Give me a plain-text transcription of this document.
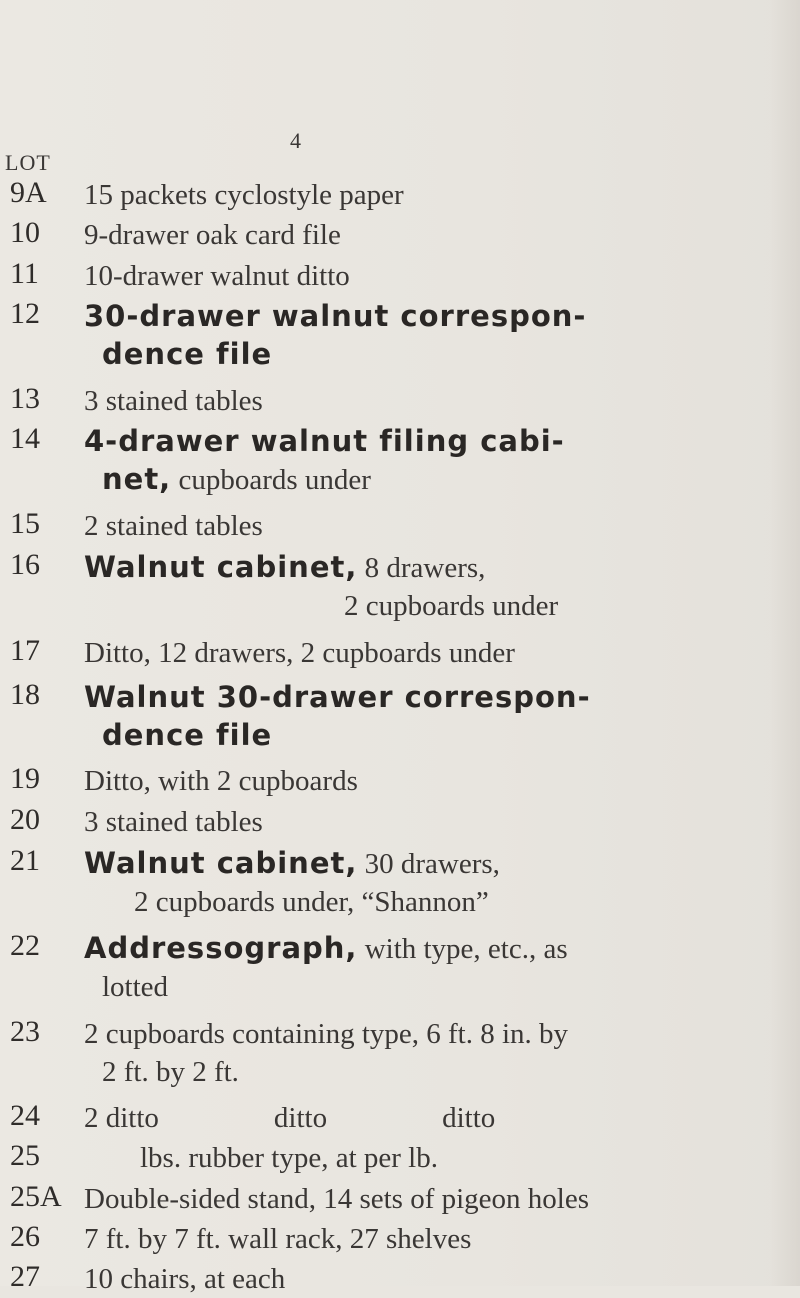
4
LOT
9A	15 packets cyclostyle paper
10	9-drawer oak card file
11	10-drawer walnut ditto
12	30-drawer walnut correspon-
dence file
13	3 stained tables
14	4-drawer walnut filing cabi-
net, cupboards under
15	2 stained tables
16	Walnut cabinet, 8 drawers,
2 cupboards under
17	Ditto, 12 drawers, 2 cupboards under
18	Walnut 30-drawer correspon-
dence file
19	Ditto, with 2 cupboards
20	3 stained tables
21	Walnut cabinet, 30 drawers,
2 cupboards under, “Shannon”
22	Addressograph, with type, etc., as
lotted
23	2 cupboards containing type, 6 ft. 8 in. by
2 ft. by 2 ft.
24	2 ditto	ditto	ditto
25	lbs. rubber type, at per lb.
25A Double-sided stand, 14 sets of pigeon holes
26	7 ft. by 7 ft. wall rack, 27 shelves
27	10 chairs, at each
